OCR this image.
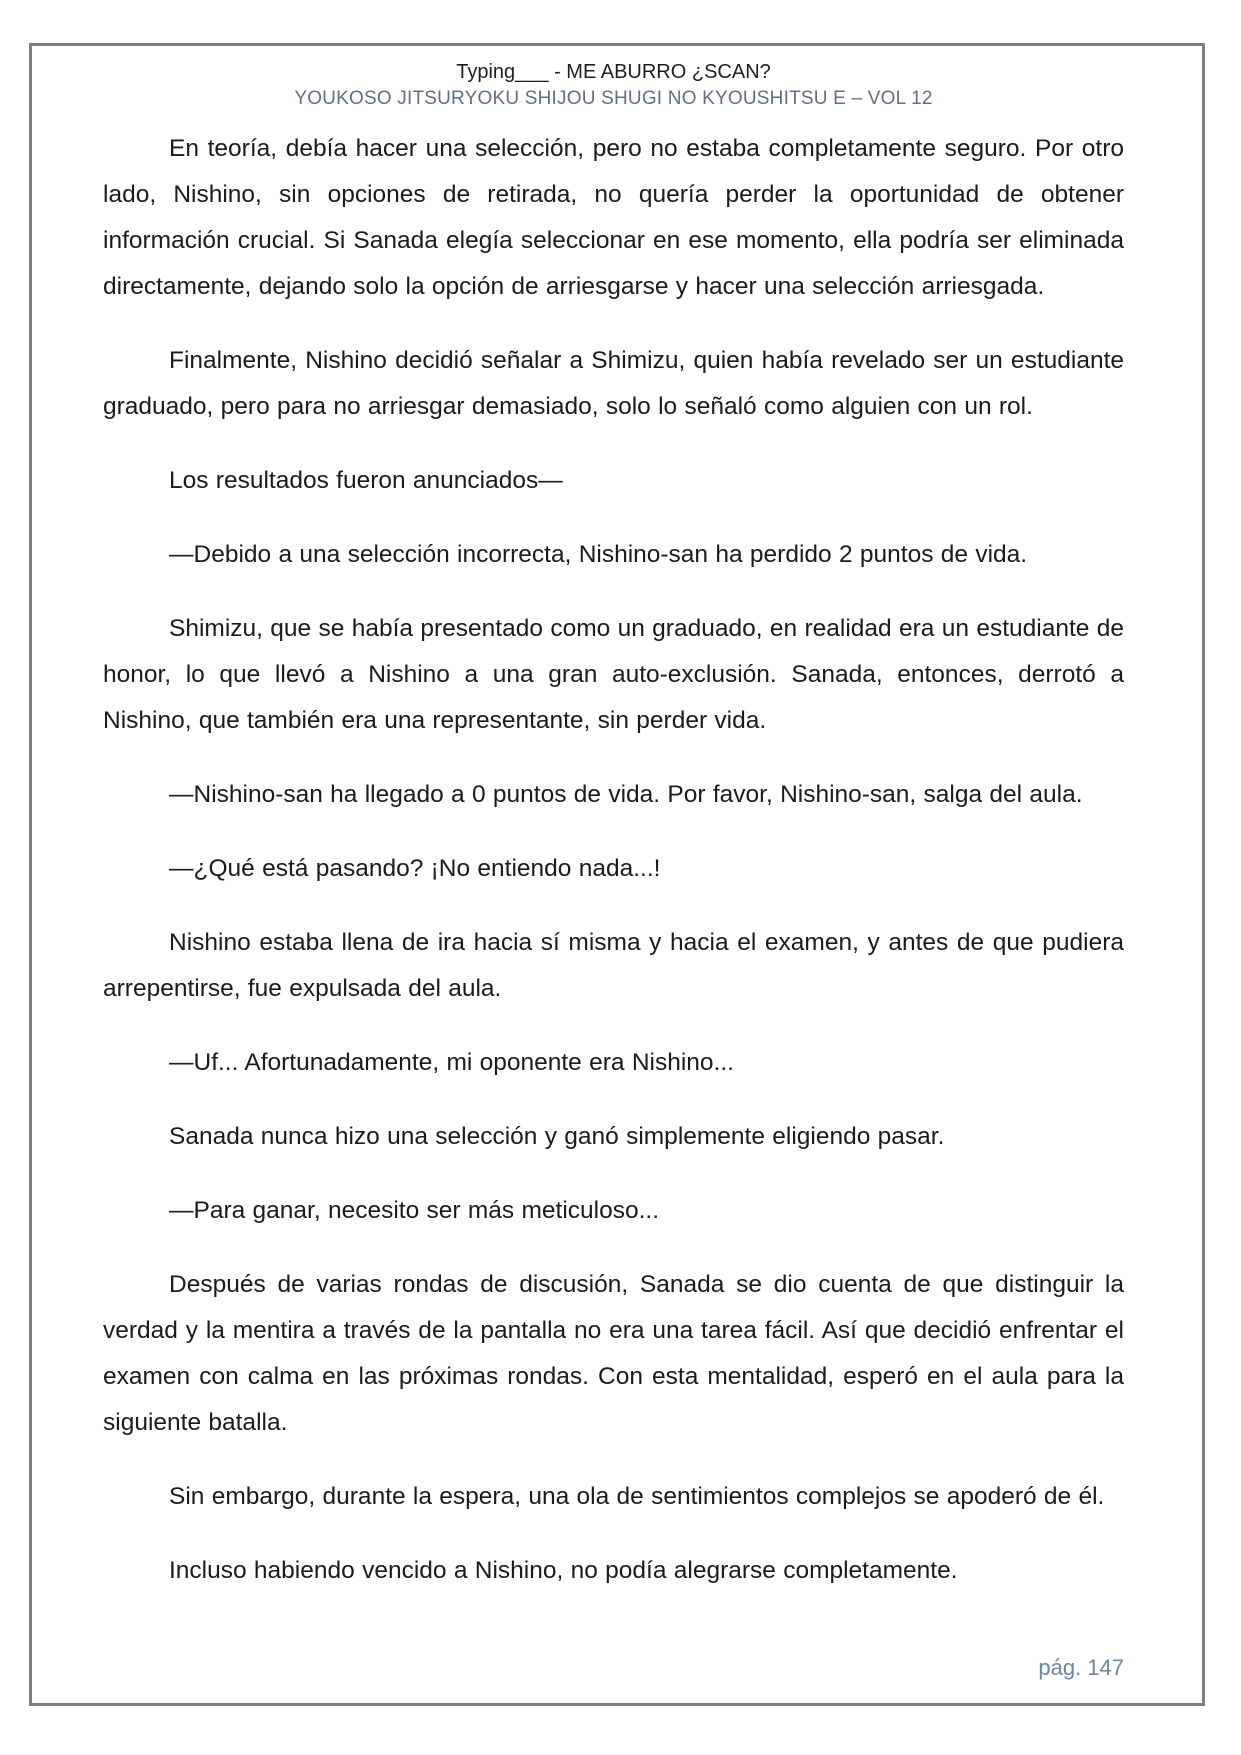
Typing___ - ME ABURRO ¿SCAN?
YOUKOSO JITSURYOKU SHIJOU SHUGI NO KYOUSHITSU E – VOL 12

En teoría, debía hacer una selección, pero no estaba completamente seguro. Por otro lado, Nishino, sin opciones de retirada, no quería perder la oportunidad de obtener información crucial. Si Sanada elegía seleccionar en ese momento, ella podría ser eliminada directamente, dejando solo la opción de arriesgarse y hacer una selección arriesgada.

Finalmente, Nishino decidió señalar a Shimizu, quien había revelado ser un estudiante graduado, pero para no arriesgar demasiado, solo lo señaló como alguien con un rol.

Los resultados fueron anunciados—

—Debido a una selección incorrecta, Nishino-san ha perdido 2 puntos de vida.

Shimizu, que se había presentado como un graduado, en realidad era un estudiante de honor, lo que llevó a Nishino a una gran auto-exclusión. Sanada, entonces, derrotó a Nishino, que también era una representante, sin perder vida.

—Nishino-san ha llegado a 0 puntos de vida. Por favor, Nishino-san, salga del aula.

—¿Qué está pasando? ¡No entiendo nada...!

Nishino estaba llena de ira hacia sí misma y hacia el examen, y antes de que pudiera arrepentirse, fue expulsada del aula.

—Uf... Afortunadamente, mi oponente era Nishino...

Sanada nunca hizo una selección y ganó simplemente eligiendo pasar.

—Para ganar, necesito ser más meticuloso...

Después de varias rondas de discusión, Sanada se dio cuenta de que distinguir la verdad y la mentira a través de la pantalla no era una tarea fácil. Así que decidió enfrentar el examen con calma en las próximas rondas. Con esta mentalidad, esperó en el aula para la siguiente batalla.

Sin embargo, durante la espera, una ola de sentimientos complejos se apoderó de él.

Incluso habiendo vencido a Nishino, no podía alegrarse completamente.

pág. 147
